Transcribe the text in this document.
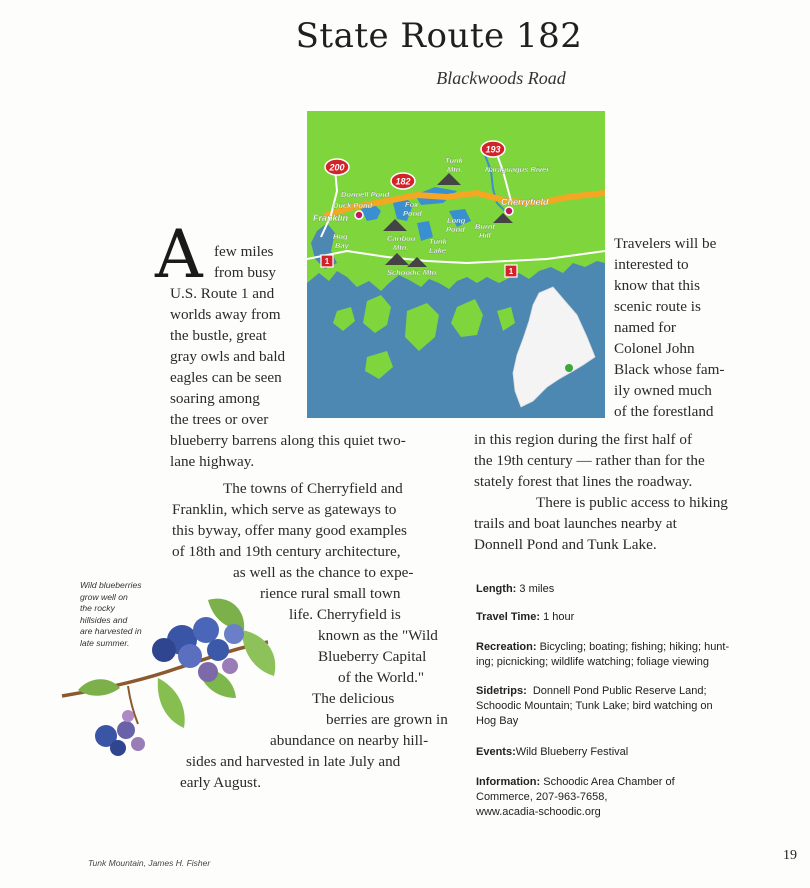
State Route 182
Blackwoods Road
200
182
193
1
1
Tunk
Mtn.	Naraguagus River
Donnell Pond
Duck Pond
Franklin
Fox
Pond
Cherryfield
Hog
Bay
Caribou
Mtn.
Long
Pond Burnt
Hill
Tunk
Lake
Schoodic Mtn.
A few miles
from busy
U.S. Route 1 and
worlds away from
the bustle, great
gray owls and bald
eagles can be seen
soaring among
the trees or over
blueberry barrens along this quiet two-
lane highway.
The towns of Cherryfield and
Franklin, which serve as gateways to
this byway, offer many good examples
of 18th and 19th century architecture,
as well as the chance to expe-
rience rural small town
life. Cherryfield is
known as the "Wild
Blueberry Capital
of the World."
The delicious
berries are grown in
abundance on nearby hill-
sides and harvested in late July and
early August.
Travelers will be
interested to
know that this
scenic route is
named for
Colonel John
Black whose fam-
ily owned much
of the forestland
in this region during the first half of
the 19th century — rather than for the
stately forest that lines the roadway.
There is public access to hiking
trails and boat launches nearby at
Donnell Pond and Tunk Lake.
Length: 3 miles
Travel Time: 1 hour
Recreation: Bicycling; boating; fishing; hiking; hunt-
ing; picnicking; wildlife watching; foliage viewing
Sidetrips: Donnell Pond Public Reserve Land;
Schoodic Mountain; Tunk Lake; bird watching on
Hog Bay
Events:Wild Blueberry Festival
Information: Schoodic Area Chamber of
Commerce, 207-963-7658,
www.acadia-schoodic.org
Wild blueberries
grow well on
the rocky
hillsides and
are harvested in
late summer.
Tunk Mountain, James H. Fisher	19
